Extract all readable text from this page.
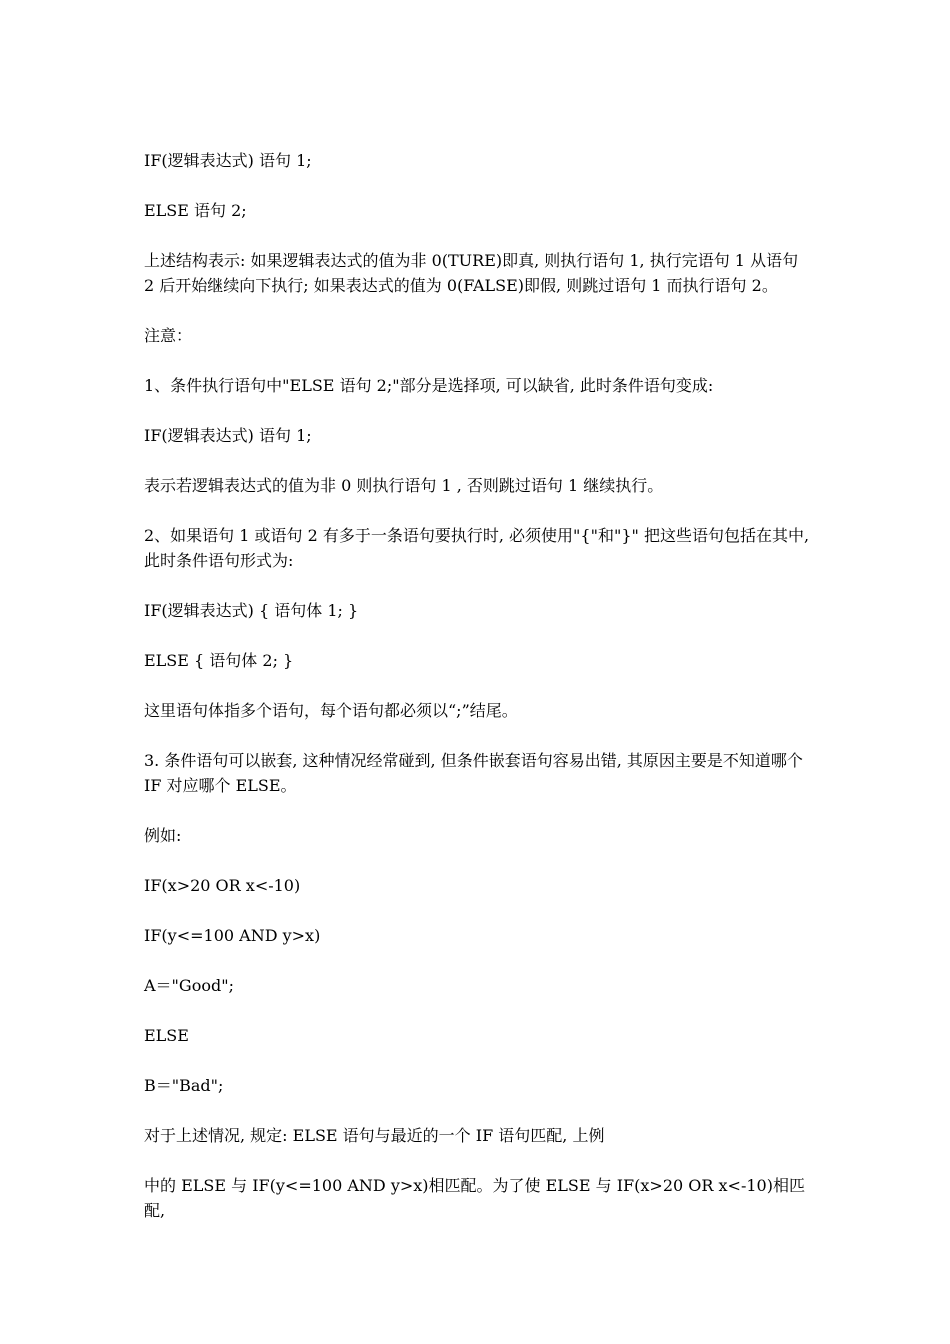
IF(逻辑表达式) 语句 1;

ELSE 语句 2;

上述结构表示: 如果逻辑表达式的值为非 0(TURE)即真, 则执行语句 1, 执行完语句 1 从语句 2 后开始继续向下执行; 如果表达式的值为 0(FALSE)即假, 则跳过语句 1 而执行语句 2。

注意：

1、条件执行语句中"ELSE 语句 2;"部分是选择项, 可以缺省, 此时条件语句变成:

IF(逻辑表达式) 语句 1;

表示若逻辑表达式的值为非 0 则执行语句 1 , 否则跳过语句 1 继续执行。

2、如果语句 1 或语句 2 有多于一条语句要执行时, 必须使用"{"和"}" 把这些语句包括在其中, 此时条件语句形式为:

IF(逻辑表达式) { 语句体 1; }

ELSE { 语句体 2; }

这里语句体指多个语句，每个语句都必须以“;”结尾。

3. 条件语句可以嵌套, 这种情况经常碰到, 但条件嵌套语句容易出错, 其原因主要是不知道哪个 IF 对应哪个 ELSE。

例如:

IF(x>20 OR x<-10)

IF(y<=100 AND y>x)

A＝"Good";

ELSE

B＝"Bad";

对于上述情况, 规定: ELSE 语句与最近的一个 IF 语句匹配, 上例

中的 ELSE 与 IF(y<=100 AND y>x)相匹配。为了使 ELSE 与 IF(x>20 OR x<-10)相匹配,
